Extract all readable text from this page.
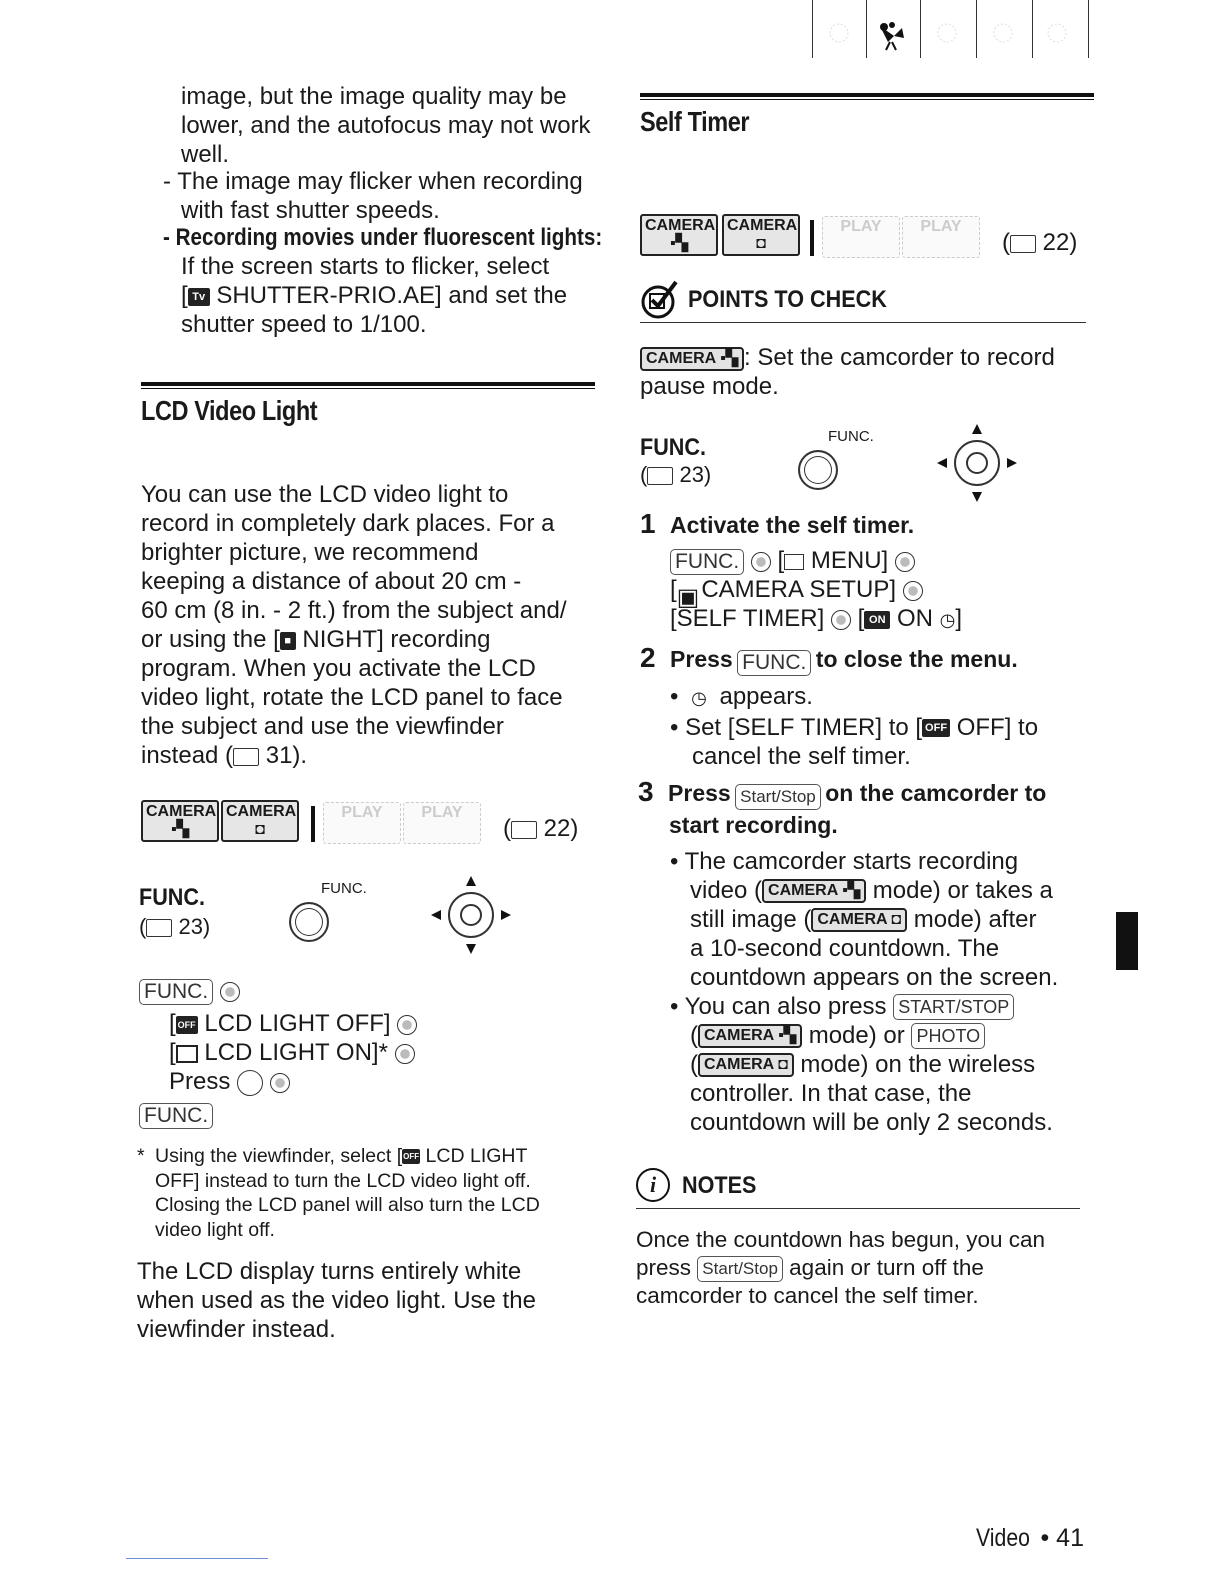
image, but the image quality may be
lower, and the autofocus may not work
well.
- The image may flicker when recording
with fast shutter speeds.
- Recording movies under fluorescent lights:
If the screen starts to flicker, select
[ Tv SHUTTER-PRIO.AE] and set the
shutter speed to 1/100.
LCD Video Light
You can use the LCD video light to
record in completely dark places. For a
brighter picture, we recommend
keeping a distance of about 20 cm -
60 cm (8 in. - 2 ft.) from the subject and/
or using the [ ■ NIGHT] recording
program. When you activate the LCD
video light, rotate the LCD panel to face
the subject and use the viewfinder
instead ( 31).
CAMERA
▪▚
CAMERA
◘
PLAY	PLAY
( 22)
FUNC.
( 23)
FUNC.
FUNC.
[ OFF LCD LIGHT OFF]
[ LCD LIGHT ON]*
Press
FUNC.
* Using the viewfinder, select [OFF LCD LIGHT
OFF] instead to turn the LCD video light off.
Closing the LCD panel will also turn the LCD
video light off.
The LCD display turns entirely white
when used as the video light. Use the
viewfinder instead.
Self Timer
CAMERA
▪▚
CAMERA
◘
PLAY	PLAY
( 22)
POINTS TO CHECK
CAMERA ▪▚ : Set the camcorder to record
pause mode.
FUNC.
( 23)
FUNC.
1 Activate the self timer.
FUNC.  [ MENU]
[▣ CAMERA SETUP]
[SELF TIMER]  [ ON ON ◷]
2 Press FUNC. to close the menu.
• ◷ appears.
• Set [SELF TIMER] to [ OFF OFF] to
cancel the self timer.
3 Press Start/Stop on the camcorder to
start recording.
• The camcorder starts recording
video ( CAMERA ▪▚ mode) or takes a
still image ( CAMERA ◘ mode) after
a 10-second countdown. The
countdown appears on the screen.
• You can also press START/STOP
( CAMERA ▪▚ mode) or PHOTO
( CAMERA ◘ mode) on the wireless
controller. In that case, the
countdown will be only 2 seconds.
i	NOTES
Once the countdown has begun, you can
press Start/Stop again or turn off the
camcorder to cancel the self timer.
Video • 41
